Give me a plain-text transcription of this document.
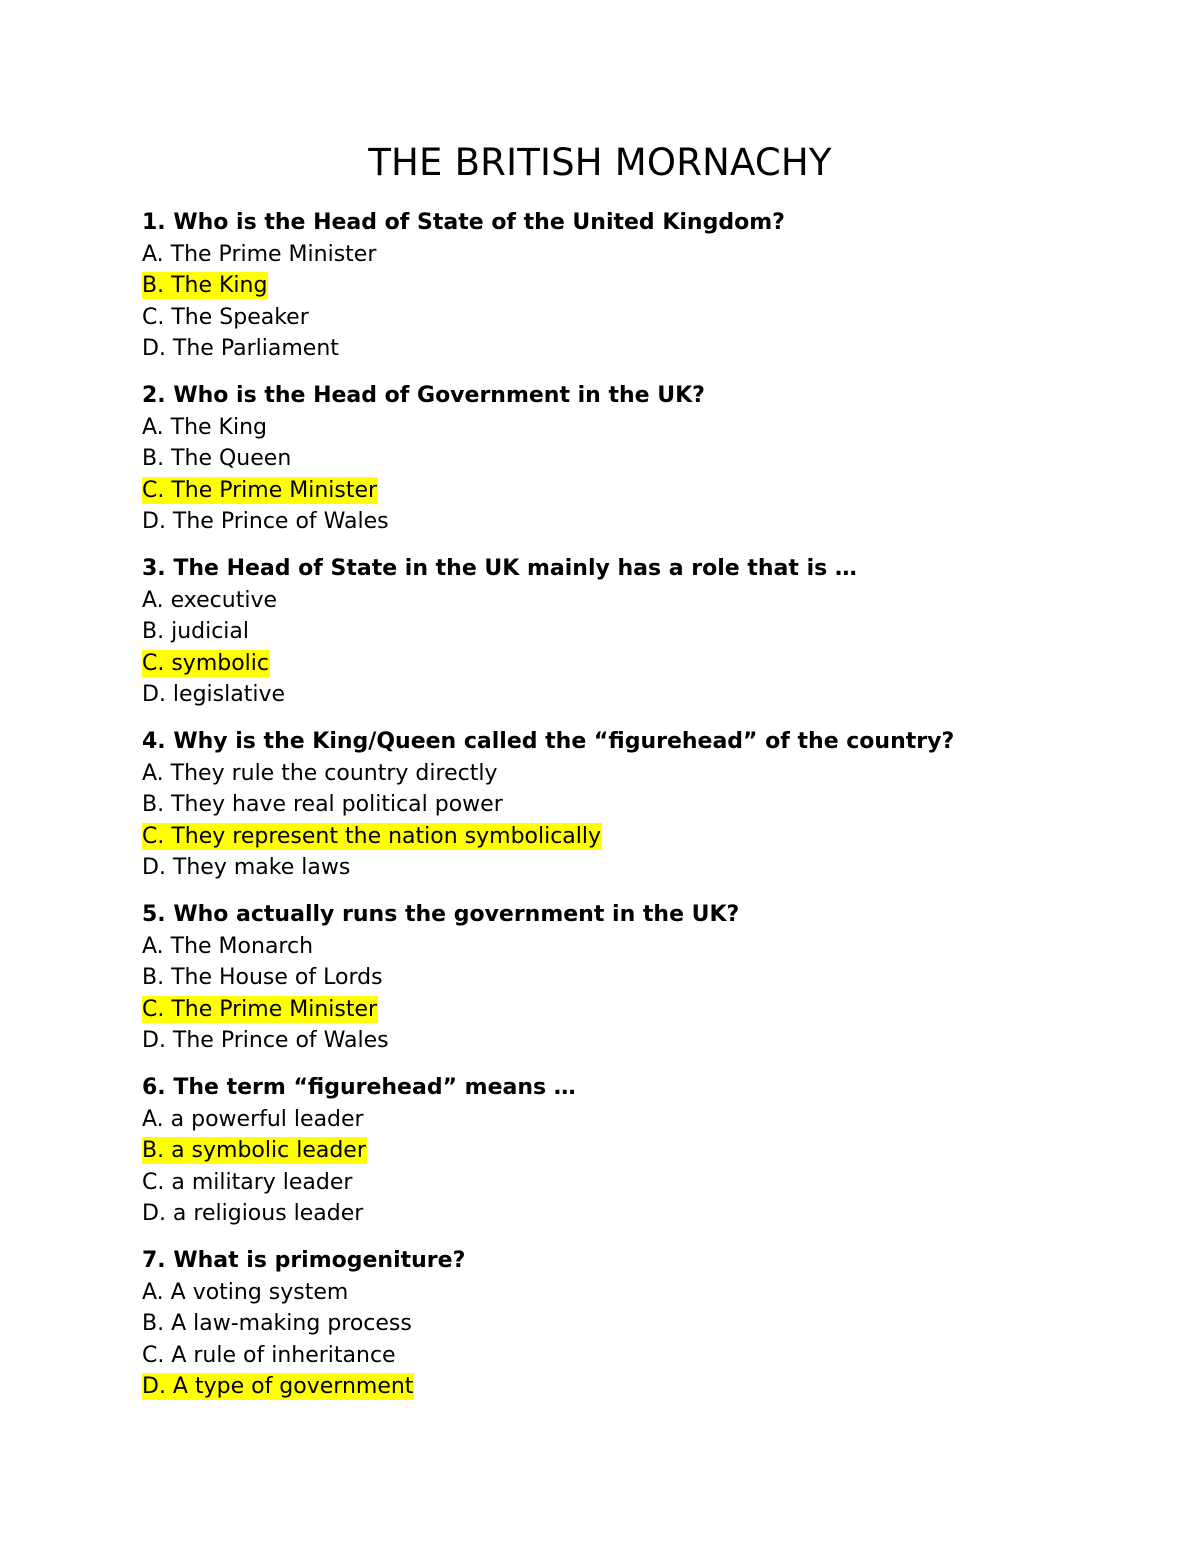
THE BRITISH MORNACHY

1. Who is the Head of State of the United Kingdom?

A. The Prime Minister

B. The King

C. The Speaker

D. The Parliament

2. Who is the Head of Government in the UK?

A. The King

B. The Queen

C. The Prime Minister

D. The Prince of Wales

3. The Head of State in the UK mainly has a role that is …

A. executive

B. judicial

C. symbolic

D. legislative

4. Why is the King/Queen called the “figurehead” of the country?

A. They rule the country directly

B. They have real political power

C. They represent the nation symbolically

D. They make laws

5. Who actually runs the government in the UK?

A. The Monarch

B. The House of Lords

C. The Prime Minister

D. The Prince of Wales

6. The term “figurehead” means …

A. a powerful leader

B. a symbolic leader

C. a military leader

D. a religious leader

7. What is primogeniture?

A. A voting system

B. A law-making process

C. A rule of inheritance

D. A type of government
